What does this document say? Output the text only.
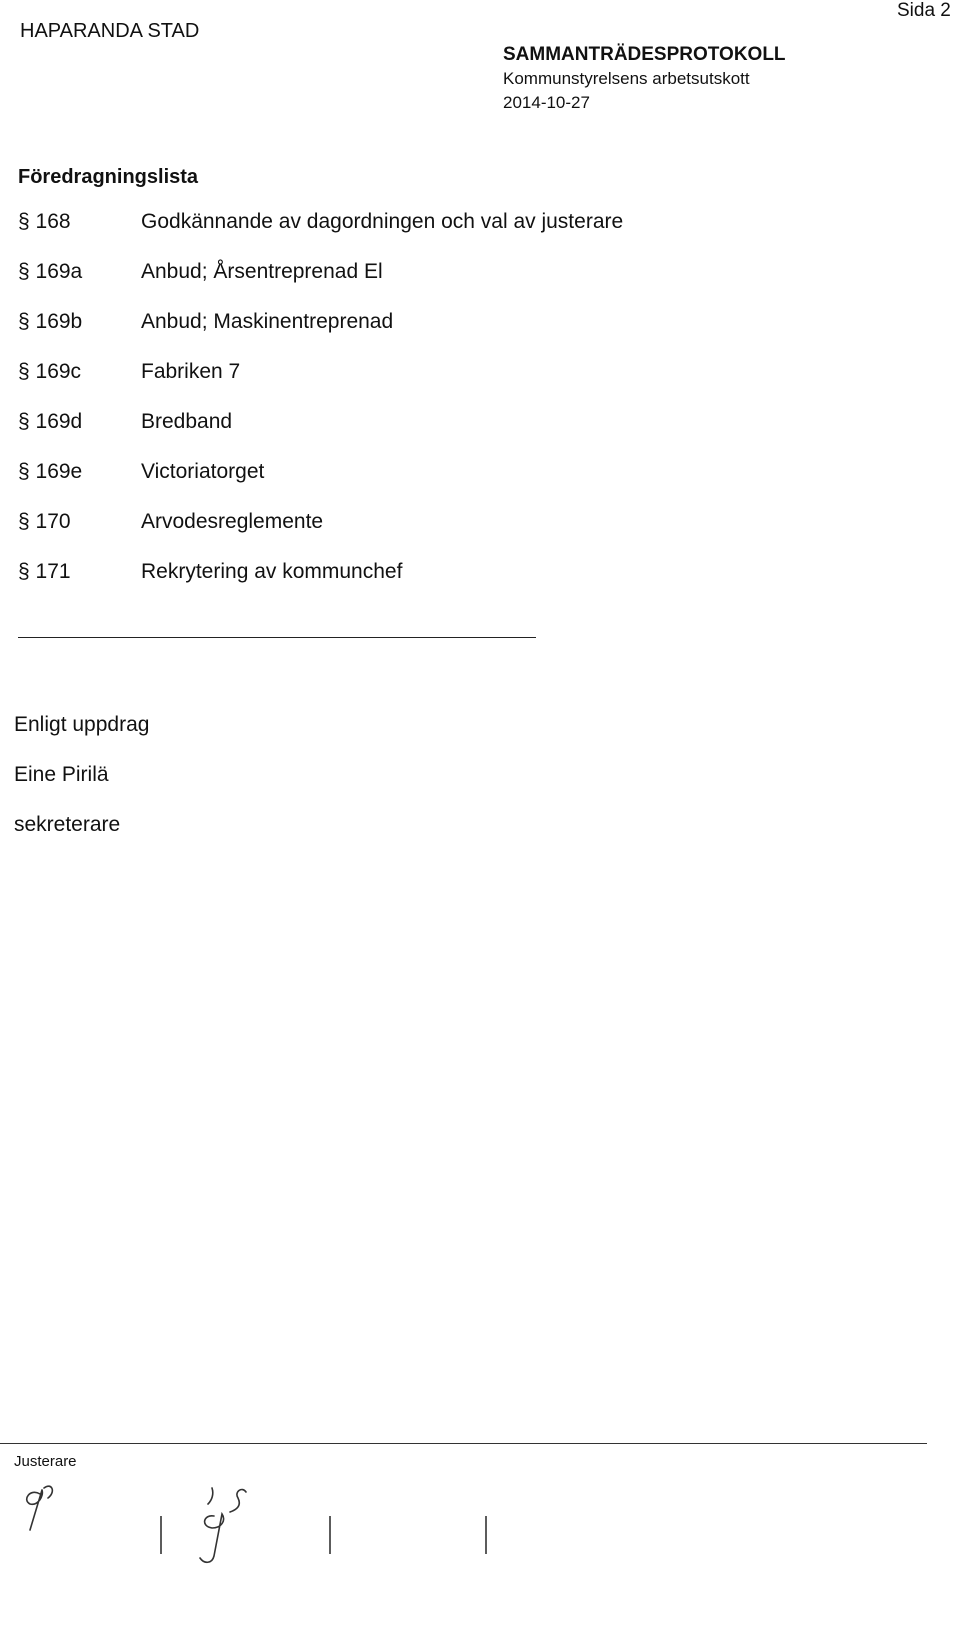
HAPARANDA STAD
Sida 2
SAMMANTRÄDESPROTOKOLL
Kommunstyrelsens arbetsutskott
2014-10-27
Föredragningslista
§ 168	Godkännande av dagordningen och val av justerare
§ 169a	Anbud; Årsentreprenad El
§ 169b	Anbud; Maskinentreprenad
§ 169c	Fabriken 7
§ 169d	Bredband
§ 169e	Victoriatorget
§ 170	Arvodesreglemente
§ 171	Rekrytering av kommunchef
Enligt uppdrag
Eine Pirilä
sekreterare
Justerare
